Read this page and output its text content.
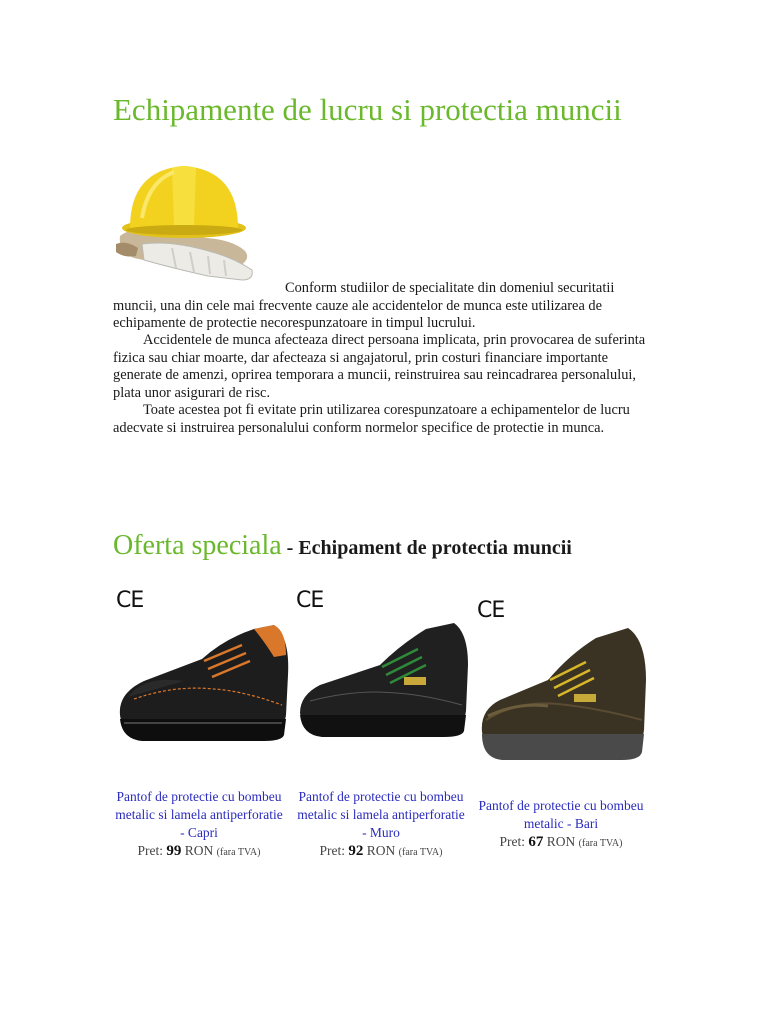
Echipamente de lucru si protectia muncii

Conform studiilor de specialitate din domeniul securitatii
muncii, una din cele mai frecvente cauze ale accidentelor de munca este utilizarea de echipamente de protectie necorespunzatoare in timpul lucrului.

Accidentele de munca afecteaza direct persoana implicata, prin provocarea de suferinta fizica sau chiar moarte, dar afecteaza si angajatorul, prin costuri financiare importante generate de amenzi, oprirea temporara a muncii, reinstruirea sau reincadrarea personalului, plata unor asigurari de risc.

Toate acestea pot fi evitate prin utilizarea corespunzatoare a echipamentelor de lucru adecvate si instruirea personalului conform normelor specifice de protectie in munca.

Oferta speciala - Echipament de protectia muncii
CE	CE	CE
Pantof de protectie cu bombeu metalic si lamela antiperforatie - Capri
Pret: 99 RON (fara TVA)
Pantof de protectie cu bombeu metalic si lamela antiperforatie - Muro
Pret: 92 RON (fara TVA)
Pantof de protectie cu bombeu metalic - Bari
Pret: 67 RON (fara TVA)
